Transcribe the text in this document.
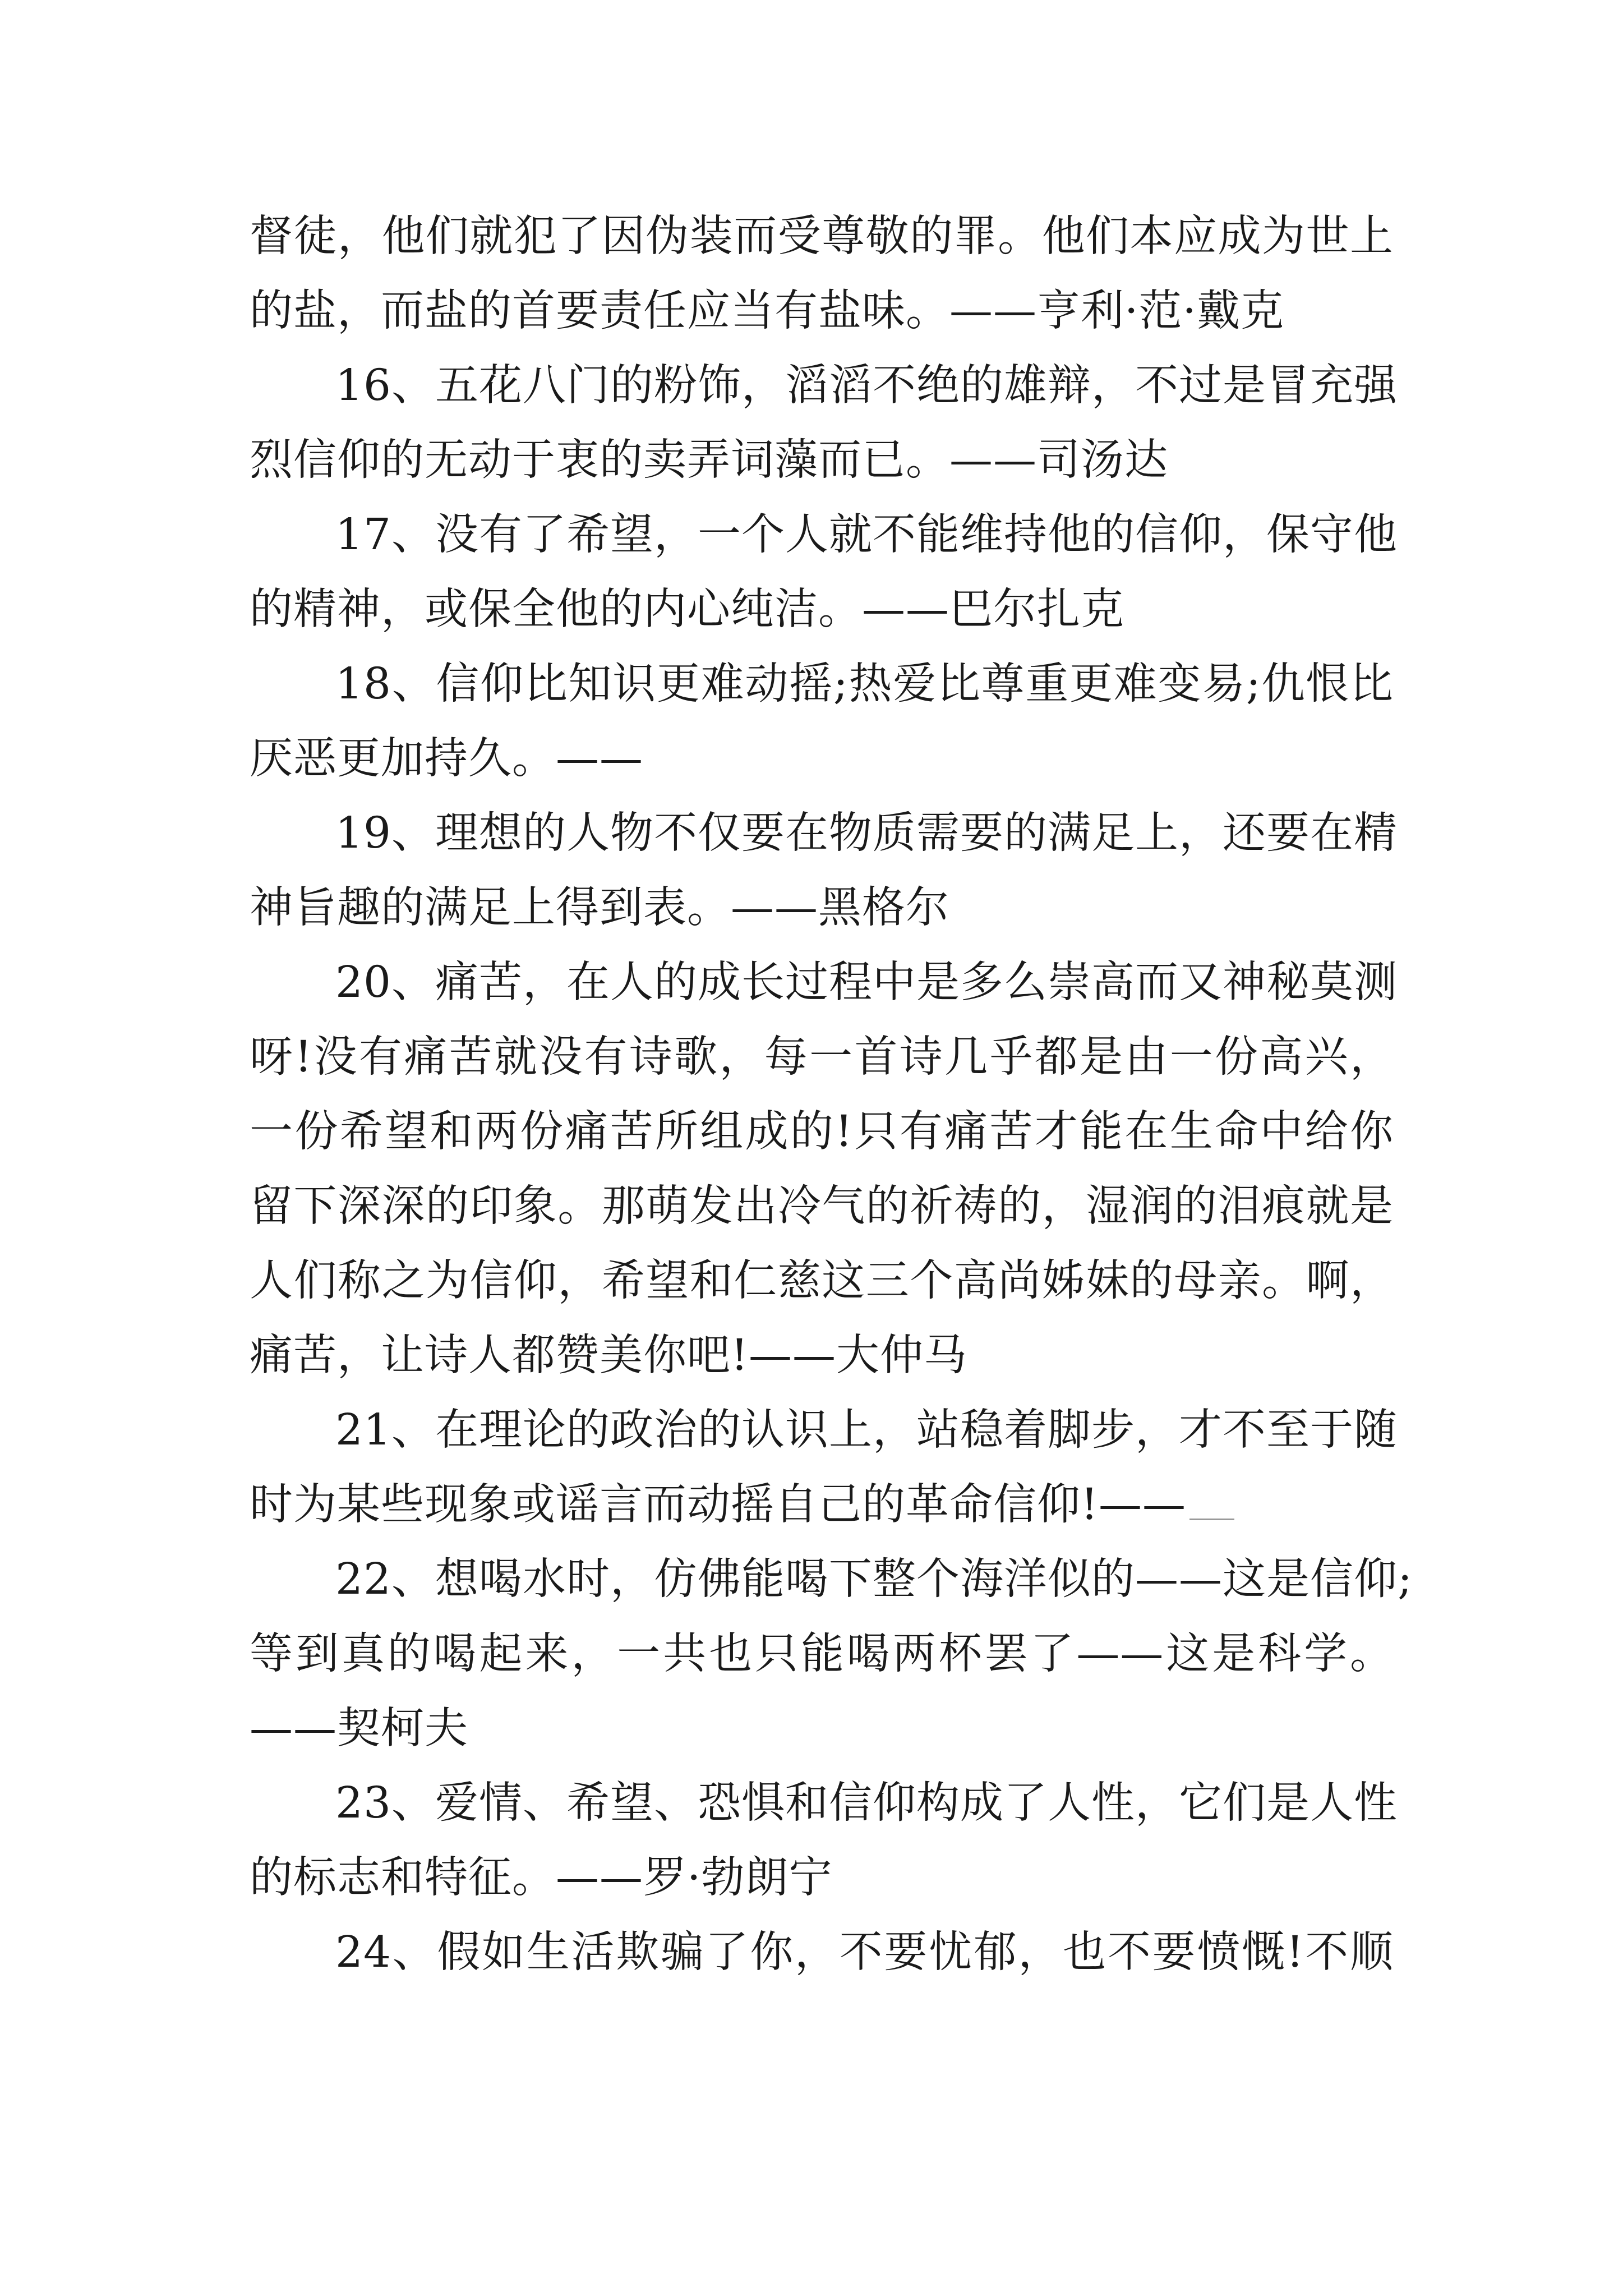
督徒，他们就犯了因伪装而受尊敬的罪。他们本应成为世上
的盐，而盐的首要责任应当有盐味。——亨利·范·戴克
16、五花八门的粉饰，滔滔不绝的雄辩，不过是冒充强
烈信仰的无动于衷的卖弄词藻而已。——司汤达
17、没有了希望，一个人就不能维持他的信仰，保守他
的精神，或保全他的内心纯洁。——巴尔扎克
18、信仰比知识更难动摇;热爱比尊重更难变易;仇恨比
厌恶更加持久。——
19、理想的人物不仅要在物质需要的满足上，还要在精
神旨趣的满足上得到表。——黑格尔
20、痛苦，在人的成长过程中是多么崇高而又神秘莫测
呀!没有痛苦就没有诗歌，每一首诗几乎都是由一份高兴，
一份希望和两份痛苦所组成的!只有痛苦才能在生命中给你
留下深深的印象。那萌发出冷气的祈祷的，湿润的泪痕就是
人们称之为信仰，希望和仁慈这三个高尚姊妹的母亲。啊，
痛苦，让诗人都赞美你吧!——大仲马
21、在理论的政治的认识上，站稳着脚步，才不至于随
时为某些现象或谣言而动摇自己的革命信仰!——
22、想喝水时，仿佛能喝下整个海洋似的——这是信仰;
等到真的喝起来，一共也只能喝两杯罢了——这是科学。
——契柯夫
23、爱情、希望、恐惧和信仰构成了人性，它们是人性
的标志和特征。——罗·勃朗宁
24、假如生活欺骗了你，不要忧郁，也不要愤慨!不顺
